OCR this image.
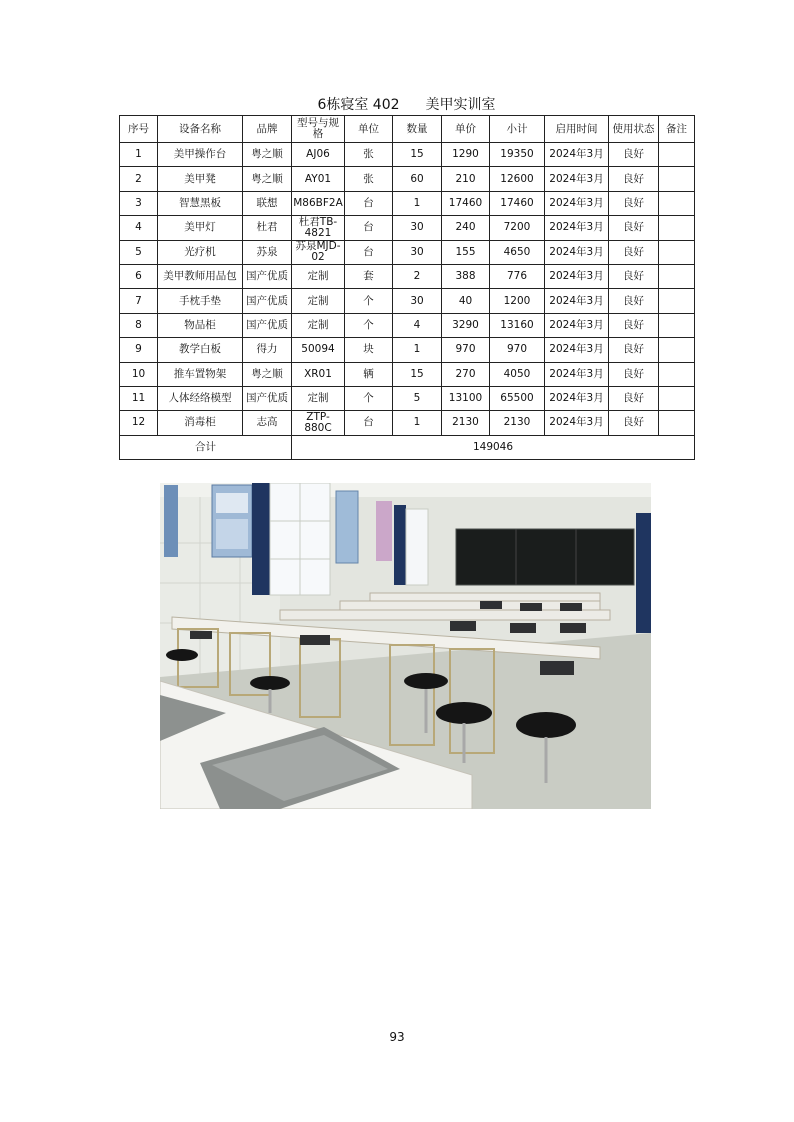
6栋寝室 402 美甲实训室
序号	设备名称	品牌	型号与规格	单位	数量	单价	小计	启用时间	使用状态	备注
1	美甲操作台	粤之顺	AJ06	张	15	1290	19350	2024年3月	良好	
2	美甲凳	粤之顺	AY01	张	60	210	12600	2024年3月	良好	
3	智慧黑板	联想	M86BF2A	台	1	17460	17460	2024年3月	良好	
4	美甲灯	杜君	杜君TB-4821	台	30	240	7200	2024年3月	良好	
5	光疗机	苏泉	苏泉MJD-02	台	30	155	4650	2024年3月	良好	
6	美甲教师用品包	国产优质	定制	套	2	388	776	2024年3月	良好	
7	手枕手垫	国产优质	定制	个	30	40	1200	2024年3月	良好	
8	物品柜	国产优质	定制	个	4	3290	13160	2024年3月	良好	
9	教学白板	得力	50094	块	1	970	970	2024年3月	良好	
10	推车置物架	粤之顺	XR01	辆	15	270	4050	2024年3月	良好	
11	人体经络模型	国产优质	定制	个	5	13100	65500	2024年3月	良好	
12	消毒柜	志高	ZTP-880C	台	1	2130	2130	2024年3月	良好	
合计			149046							
93
